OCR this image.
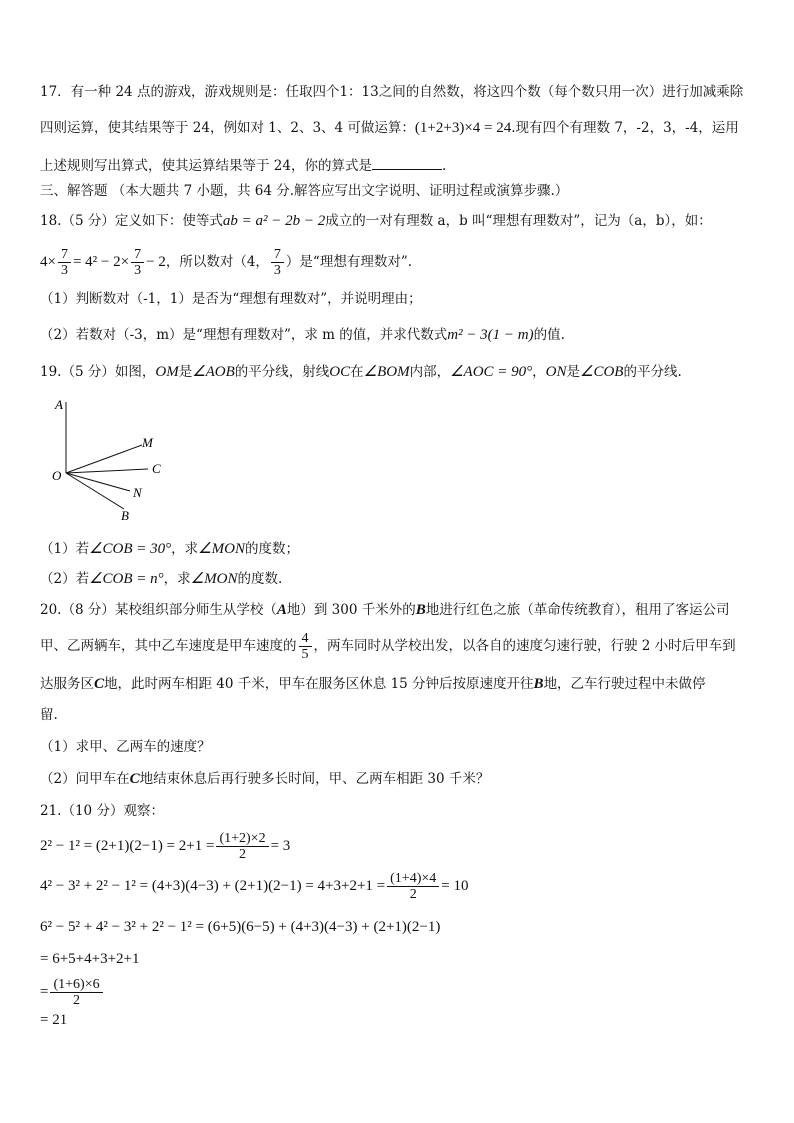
17．有一种 24 点的游戏，游戏规则是：任取四个1：13之间的自然数，将这四个数（每个数只用一次）进行加减乘除
四则运算，使其结果等于 24，例如对 1、2、3、4 可做运算：(1+2+3)×4 = 24.现有四个有理数 7，-2，3，-4，运用
上述规则写出算式，使其运算结果等于 24，你的算式是	.
三、解答题 （本大题共 7 小题，共 64 分.解答应写出文字说明、证明过程或演算步骤.）
18.（5 分）定义如下：使等式ab = a² − 2b − 2成立的一对有理数 a，b 叫“理想有理数对”，记为（a，b），如：
$4\times \frac{7}{3} = 4^2 - 2\times \frac{7}{3} - 2$，所以数对（4， $\frac{7}{3}$ ）是“理想有理数对”.
（1）判断数对（-1，1）是否为“理想有理数对”，并说明理由；
（2）若数对（-3，m）是“理想有理数对”，求 m 的值，并求代数式m² − 3(1 − m)的值.
19.（5 分）如图，OM是∠AOB的平分线，射线OC在∠BOM内部，∠AOC = 90°，ON是∠COB的平分线.
A
M
C
O
N
B
（1）若∠COB = 30°，求∠MON的度数；
（2）若∠COB = n°，求∠MON的度数.
20.（8 分）某校组织部分师生从学校（A地）到 300 千米外的B地进行红色之旅（革命传统教育），租用了客运公司
甲、乙两辆车，其中乙车速度是甲车速度的 $\frac{4}{5}$ ，两车同时从学校出发，以各自的速度匀速行驶，行驶 2 小时后甲车到
达服务区C地，此时两车相距 40 千米，甲车在服务区休息 15 分钟后按原速度开往B地，乙车行驶过程中未做停
留.
（1）求甲、乙两车的速度？
（2）问甲车在C地结束休息后再行驶多长时间，甲、乙两车相距 30 千米？
21.（10 分）观察：
$2^2 - 1^2 = (2+1)(2-1) = 2+1 = \frac{(1+2)\times 2}{2} = 3$
$4^2 - 3^2 + 2^2 - 1^2 = (4+3)(4-3) + (2+1)(2-1) = 4+3+2+1 = \frac{(1+4)\times 4}{2} = 10$
6² − 5² + 4² − 3² + 2² − 1² = (6+5)(6−5) + (4+3)(4−3) + (2+1)(2−1)
= 6+5+4+3+2+1
= $\frac{(1+6)\times 6}{2}$
= 21
